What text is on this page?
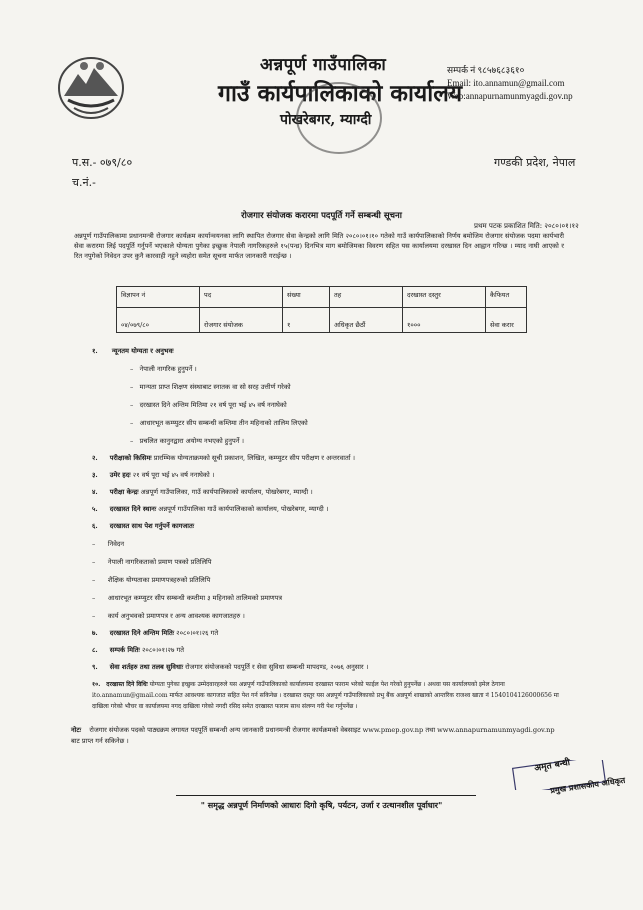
अन्नपूर्ण गाउँपालिका
गाउँ कार्यपालिकाको कार्यालय
पोखरेबगर, म्याग्दी
सम्पर्क नं ९८५७६८३६१०
Email: ito.annamun@gmail.com
Web:annapurnamunmyagdi.gov.np
प.स.- ०७९/८०
च.नं.-
गण्डकी प्रदेश, नेपाल
रोजगार संयोजक करारमा पदपूर्ति गर्ने सम्बन्धी सूचना
प्रथम पटक प्रकाशित मिति: २०८०।०१।१२
अन्नपूर्ण गाउँपालिकामा प्रधानमन्त्री रोजगार कार्यक्रम कार्यान्वयनका लागि स्थापित रोजगार सेवा केन्द्रको लागि मिति २०८०।०१।१० गतेको गाउँ कार्यपालिकाको निर्णय बमोजिम रोजगार संयोजक पदमा कार्यभारी सेवा करारमा लिई पदपूर्ति गर्नुपर्ने भएकाले योग्यता पुगेका इच्छुक नेपाली नागरिकहरुले १५(पन्ध्र) दिनभित्र माग बमोजिमका विवरण सहित यस कार्यालयमा दरखास्त दिन आह्वान गरिन्छ । म्याद नाघी आएको र रित नपुगेको निवेदन उपर कुनै कारवाही नहुने व्यहोरा समेत सूचना मार्फत जानकारी गराईन्छ ।
विज्ञापन नं	पद	संख्या	तह	दरखास्त दस्तुर	कैफियत
०४/०७९/८०	रोजगार संयोजक	१	अधिकृत छैठौं	१०००	सेवा करार
१. न्यूनतम योग्यता र अनुभवः
–   नेपाली नागरिक हुनुपर्ने ।
–   मान्यता प्राप्त शिक्षण संस्थाबाट स्नातक वा सो सरह उत्तीर्ण गरेको
–   दरखास्त दिने अन्तिम मितिमा २१ वर्ष पूरा भई ४५ वर्ष ननाघेको
–   आधारभूत कम्प्युटर सीप सम्बन्धी कम्तिमा तीन महिनाको तालिम लिएको
–   प्रचलित कानुनद्वारा अयोग्य नभएको हुनुपर्ने ।
२. परीक्षाको किसिमः प्रारम्भिक योग्यताक्रमको सूची प्रकाशन, लिखित, कम्प्युटर सीप परीक्षण र अन्तरवार्ता ।
३. उमेर हदः २१ वर्ष पूरा भई ४५ वर्ष ननाघेको ।
४. परीक्षा केन्द्रः अन्नपूर्ण गाउँपालिका, गाउँ कार्यपालिकाको कार्यालय, पोखरेबगर, म्याग्दी ।
५. दरखास्त दिने स्थानः अन्नपूर्ण गाउँपालिका गाउँ कार्यपालिकाको कार्यालय, पोखरेबगर, म्याग्दी ।
६. दरखास्त साथ पेश गर्नुपर्ने कागजातः
–      निवेदन
–      नेपाली नागरिकताको प्रमाण पत्रको प्रतिलिपि
–      शैक्षिक योग्यताका प्रमाणपत्रहरुको प्रतिलिपि
–      आधारभूत कम्प्युटर सीप सम्बन्धी कम्तीमा ३ महिनाको तालिमको प्रमाणपत्र
–      कार्य अनुभवको प्रमाणपत्र र अन्य आवश्यक कागजातहरु ।
७. दरखास्त दिने अन्तिम मितिः २०८०।०१।२६ गते
८. सम्पर्क मितिः २०८०।०१।२७ गते
९. सेवा शर्तहरु तथा तलब सुविधाः रोजगार संयोजकको पदपूर्ति र सेवा सुविधा सम्बन्धी मापदण्ड, २०७६ अनुसार ।
१०. दरखास्त दिने विधिः योग्यता पुगेका इच्छुक उम्मेदवारहरुले यस अन्नपूर्ण गाउँपालिकाको कार्यालयमा दरखास्त फाराम भरेको फाईल पेश गरेको हुनुपर्नेछ । अथवा यस कार्यालयको इमेल ठेगाना ito.annamun@gmail.com मार्फत आवश्यक कागजात सहित पेश गर्न सकिनेछ । दरखास्त दस्तुर यस अन्नपूर्ण गाउँपालिकाको प्रभु बैंक अन्नपूर्ण शाखाको आन्तरिक राजश्व खाता नं 1540104126000656 मा दाखिला गरेको भौचर वा कार्यालयमा नगद दाखिला गरेको नगदी रसिद समेत दरखास्त फाराम साथ संलग्न गरी पेश गर्नुपर्नेछ ।
नोटः रोजगार संयोजक पदको पाठ्यक्रम लगायत पदपूर्ति सम्बन्धी अन्य जानकारी प्रधानमन्त्री रोजगार कार्यक्रमको वेबसाइट www.pmep.gov.np तथा www.annapurnamunmyagdi.gov.np बाट प्राप्त गर्न सकिनेछ ।
अमृत बन्धी
प्रमुख प्रशासकीय अधिकृत
" समृद्ध अन्नपूर्ण निर्माणको आधारः दिगो कृषि, पर्यटन, उर्जा र उत्थानशील पूर्वाधार"
